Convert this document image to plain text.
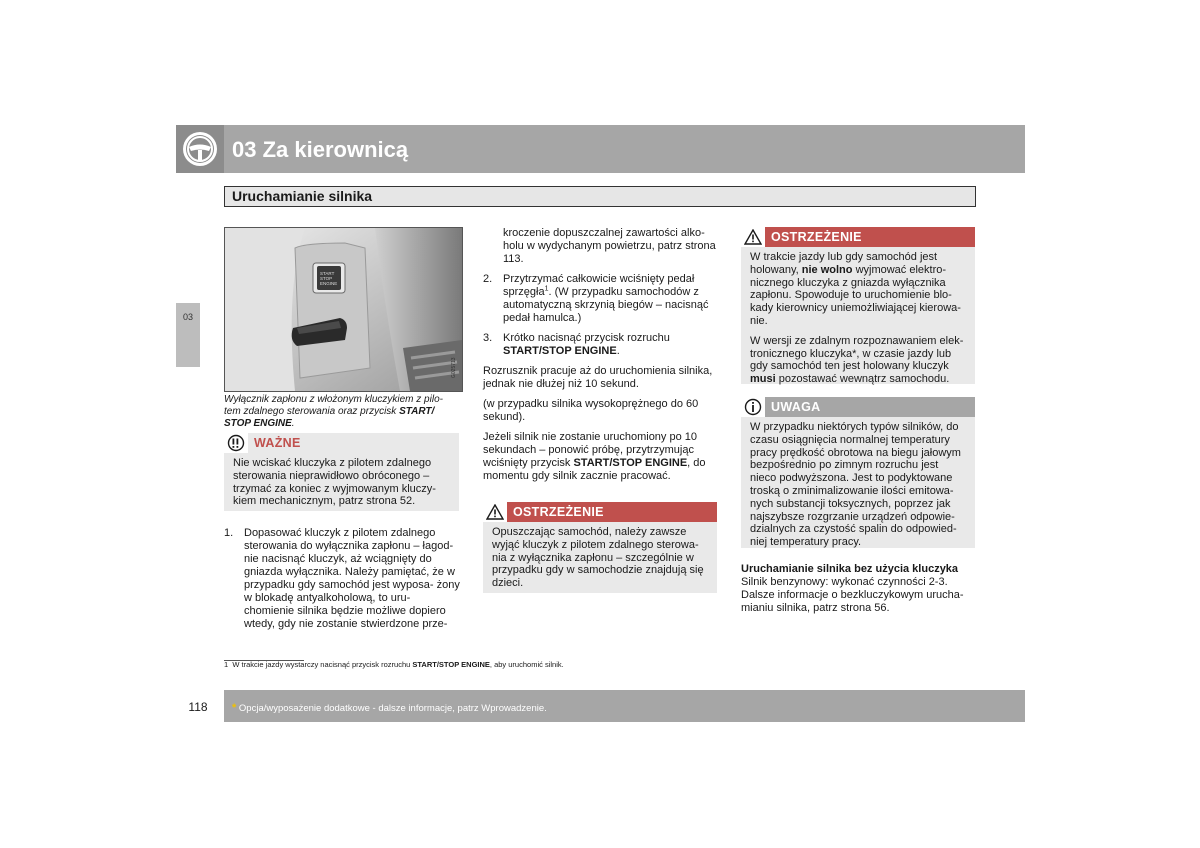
03 Za kierownicą
Uruchamianie silnika
03
START
STOP
ENGINE
G025713
Wyłącznik zapłonu z włożonym kluczykiem z pilo-
tem zdalnego sterowania oraz przycisk START/
STOP ENGINE.
WAŻNE
Nie wciskać kluczyka z pilotem zdalnego sterowania nieprawidłowo obróconego – trzymać za koniec z wyjmowanym kluczy- kiem mechanicznym, patrz strona 52.
1. Dopasować kluczyk z pilotem zdalnego sterowania do wyłącznika zapłonu – łagod- nie nacisnąć kluczyk, aż wciągnięty do gniazda wyłącznika. Należy pamiętać, że w przypadku gdy samochód jest wyposa- żony w blokadę antyalkoholową, to uru- chomienie silnika będzie możliwe dopiero wtedy, gdy nie zostanie stwierdzone prze-

kroczenie dopuszczalnej zawartości alko- holu w wydychanym powietrzu, patrz strona 113.

2. Przytrzymać całkowicie wciśnięty pedał sprzęgła$^1$. (W przypadku samochodów z automatyczną skrzynią biegów – nacisnąć pedał hamulca.)
3. Krótko nacisnąć przycisk rozruchu
START/STOP ENGINE.

Rozrusznik pracuje aż do uruchomienia silnika, jednak nie dłużej niż 10 sekund.

(w przypadku silnika wysokoprężnego do 60 sekund).

Jeżeli silnik nie zostanie uruchomiony po 10 sekundach – ponowić próbę, przytrzymując wciśnięty przycisk START/STOP ENGINE, do momentu gdy silnik zacznie pracować.

OSTRZEŻENIE
Opuszczając samochód, należy zawsze wyjąć kluczyk z pilotem zdalnego sterowa- nia z wyłącznika zapłonu – szczególnie w przypadku gdy w samochodzie znajdują się dzieci.
OSTRZEŻENIE

W trakcie jazdy lub gdy samochód jest holowany, nie wolno wyjmować elektro- nicznego kluczyka z gniazda wyłącznika zapłonu. Spowoduje to uruchomienie blo- kady kierownicy uniemożliwiającej kierowa- nie.

W wersji ze zdalnym rozpoznawaniem elek- tronicznego kluczyka*, w czasie jazdy lub gdy samochód ten jest holowany kluczyk musi pozostawać wewnątrz samochodu.

UWAGA
W przypadku niektórych typów silników, do czasu osiągnięcia normalnej temperatury pracy prędkość obrotowa na biegu jałowym bezpośrednio po zimnym rozruchu jest nieco podwyższona. Jest to podyktowane troską o zminimalizowanie ilości emitowa- nych substancji toksycznych, poprzez jak najszybsze rozgrzanie urządzeń odpowie- dzialnych za czystość spalin do odpowied- niej temperatury pracy.

Uruchamianie silnika bez użycia kluczyka

Silnik benzynowy: wykonać czynności 2-3.

Dalsze informacje o bezkluczykowym urucha- mianiu silnika, patrz strona 56.

1 W trakcie jazdy wystarczy nacisnąć przycisk rozruchu START/STOP ENGINE, aby uruchomić silnik.
118	* Opcja/wyposażenie dodatkowe - dalsze informacje, patrz Wprowadzenie.
